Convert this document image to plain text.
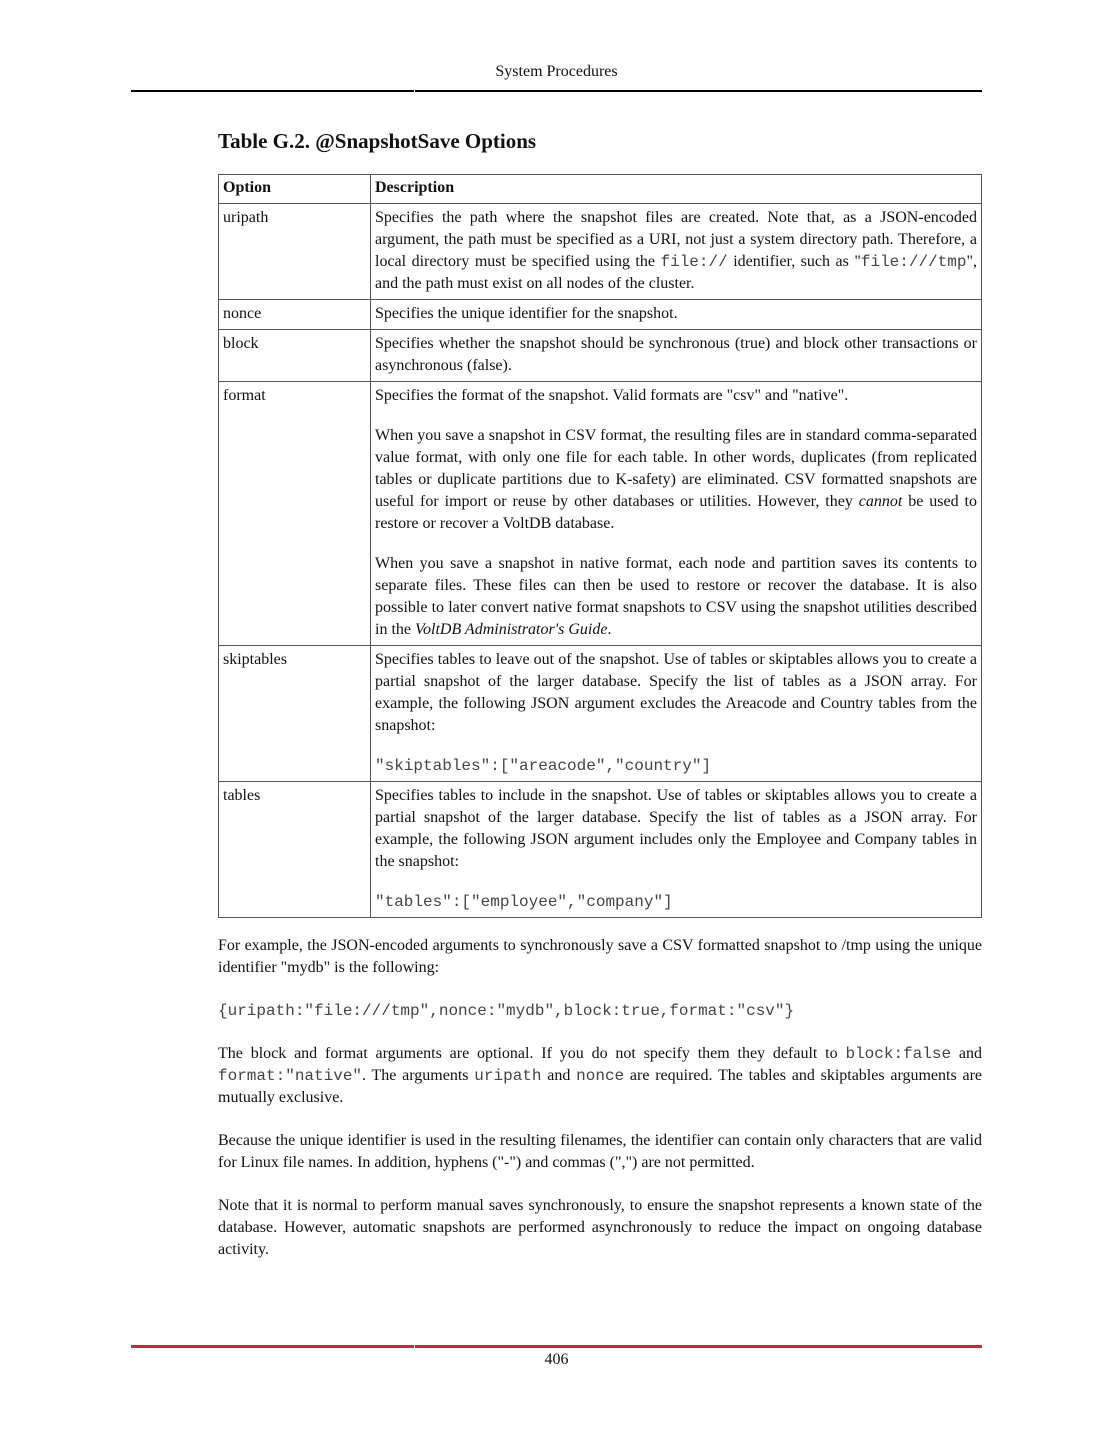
System Procedures
Table G.2. @SnapshotSave Options
Option	Description
uripath	Specifies the path where the snapshot files are created. Note that, as a JSON-encoded argument, the path must be specified as a URI, not just a system directory path. Therefore, a local directory must be specified using the file:// identifier, such as "file:///tmp", and the path must exist on all nodes of the cluster.

nonce	Specifies the unique identifier for the snapshot.

block	Specifies whether the snapshot should be synchronous (true) and block other transactions or asynchronous (false).

format	Specifies the format of the snapshot. Valid formats are "csv" and "native".

When you save a snapshot in CSV format, the resulting files are in standard comma-separated value format, with only one file for each table. In other words, duplicates (from replicated tables or duplicate partitions due to K-safety) are eliminated. CSV formatted snapshots are useful for import or reuse by other databases or utilities. However, they cannot be used to restore or recover a VoltDB database.

When you save a snapshot in native format, each node and partition saves its contents to separate files. These files can then be used to restore or recover the database. It is also possible to later convert native format snapshots to CSV using the snapshot utilities described in the VoltDB Administrator's Guide.

skiptables	Specifies tables to leave out of the snapshot. Use of tables or skiptables allows you to create a partial snapshot of the larger database. Specify the list of tables as a JSON array. For example, the following JSON argument excludes the Areacode and Country tables from the snapshot:

"skiptables":["areacode","country"]

tables	Specifies tables to include in the snapshot. Use of tables or skiptables allows you to create a partial snapshot of the larger database. Specify the list of tables as a JSON array. For example, the following JSON argument includes only the Employee and Company tables in the snapshot:

"tables":["employee","company"]

For example, the JSON-encoded arguments to synchronously save a CSV formatted snapshot to /tmp using the unique identifier "mydb" is the following:

{uripath:"file:///tmp",nonce:"mydb",block:true,format:"csv"}

The block and format arguments are optional. If you do not specify them they default to block:false and format:"native". The arguments uripath and nonce are required. The tables and skiptables arguments are mutually exclusive.

Because the unique identifier is used in the resulting filenames, the identifier can contain only characters that are valid for Linux file names. In addition, hyphens ("-") and commas (",") are not permitted.

Note that it is normal to perform manual saves synchronously, to ensure the snapshot represents a known state of the database. However, automatic snapshots are performed asynchronously to reduce the impact on ongoing database activity.

406
